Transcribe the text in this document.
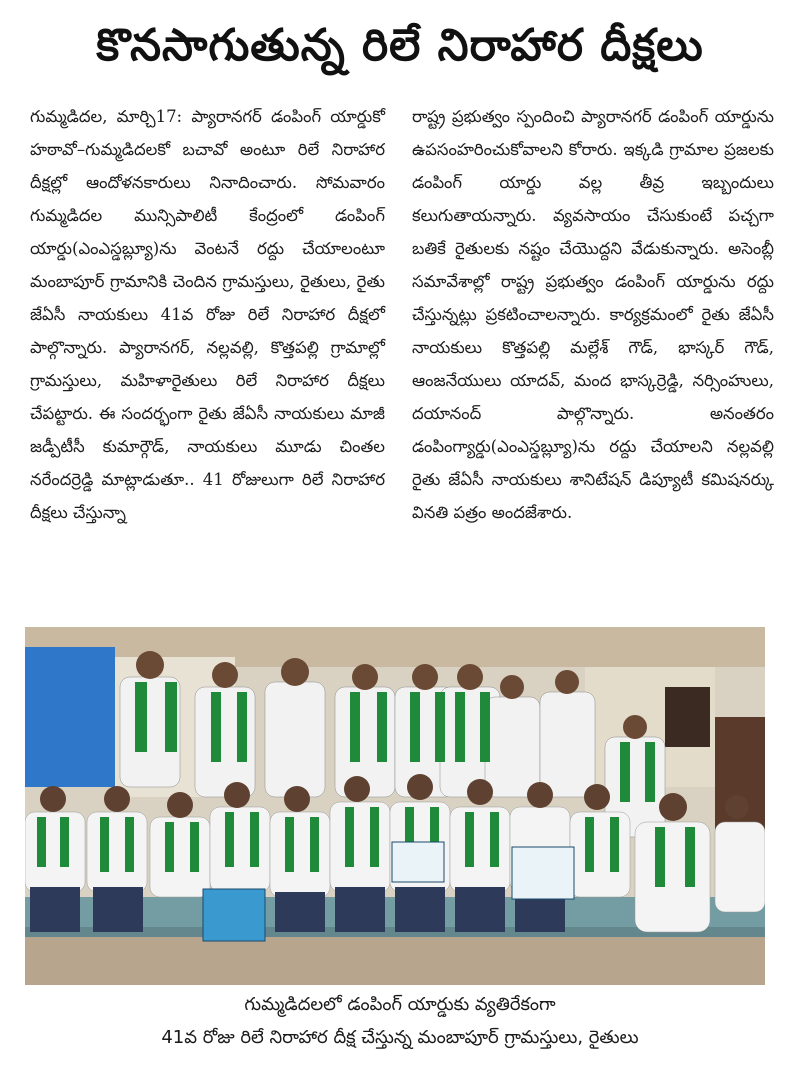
కొనసాగుతున్న రిలే నిరాహార దీక్షలు

గుమ్మడిదల, మార్చి17: ప్యారానగర్ డంపింగ్ యార్డుకో హఠావో–గుమ్మడిదలకో బచావో అంటూ రిలే నిరాహార దీక్షల్లో ఆందోళనకారులు నినాదించారు. సోమవారం గుమ్మడిదల మున్సిపాలిటీ కేంద్రంలో డంపింగ్ యార్డు(ఎంఎస్డబ్ల్యూ)ను వెంటనే రద్దు చేయాలంటూ మంబాపూర్ గ్రామానికి చెందిన గ్రామస్తులు, రైతులు, రైతు జేఏసీ నాయకులు 41వ రోజు రిలే నిరాహార దీక్షలో పాల్గొన్నారు. ప్యారానగర్, నల్లవల్లి, కొత్తపల్లి గ్రామాల్లో గ్రామస్తులు, మహిళారైతులు రిలే నిరాహార దీక్షలు చేపట్టారు. ఈ సందర్భంగా రైతు జేఏసీ నాయకులు మాజీ జడ్పీటీసీ కుమార్గౌడ్, నాయకులు మూడు చింతల నరేందర్రెడ్డి మాట్లాడుతూ.. 41 రోజులుగా రిలే నిరాహార దీక్షలు చేస్తున్నా

రాష్ట్ర ప్రభుత్వం స్పందించి ప్యారానగర్ డంపింగ్ యార్డును ఉపసంహరించుకోవాలని కోరారు. ఇక్కడి గ్రామాల ప్రజలకు డంపింగ్ యార్డు వల్ల తీవ్ర ఇబ్బందులు కలుగుతాయన్నారు. వ్యవసాయం చేసుకుంటే పచ్చగా బతికే రైతులకు నష్టం చేయొద్దని వేడుకున్నారు. అసెంబ్లీ సమావేశాల్లో రాష్ట్ర ప్రభుత్వం డంపింగ్ యార్డును రద్దు చేస్తున్నట్లు ప్రకటించాలన్నారు. కార్యక్రమంలో రైతు జేఏసీ నాయకులు కొత్తపల్లి మల్లేశ్ గౌడ్, భాస్కర్ గౌడ్, ఆంజనేయులు యాదవ్, మంద భాస్కర్రెడ్డి, నర్సింహులు, దయానంద్ పాల్గొన్నారు. అనంతరం డంపింగ్యార్డు(ఎంఎస్డబ్ల్యూ)ను రద్దు చేయాలని నల్లవల్లి రైతు జేఏసీ నాయకులు శానిటేషన్ డిప్యూటీ కమిషనర్కు వినతి పత్రం అందజేశారు.

గుమ్మడిదలలో డంపింగ్ యార్డుకు వ్యతిరేకంగా
41వ రోజు రిలే నిరాహార దీక్ష చేస్తున్న మంబాపూర్ గ్రామస్తులు, రైతులు
